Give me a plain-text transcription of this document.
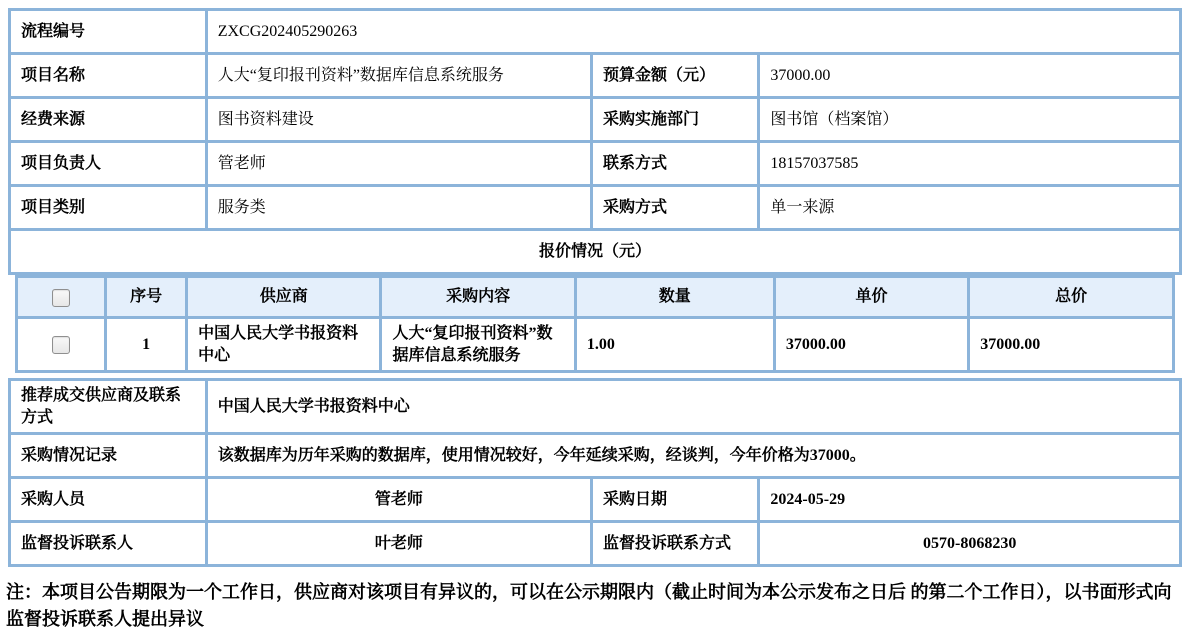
流程编号	ZXCG202405290263		
项目名称	人大“复印报刊资料”数据库信息系统服务	预算金额（元）	37000.00
经费来源	图书资料建设	采购实施部门	图书馆（档案馆）
项目负责人	管老师	联系方式	18157037585
项目类别	服务类	采购方式	单一来源
报价情况（元）			
	序号	供应商	采购内容	数量	单价	总价
	1	中国人民大学书报资料中心	人大“复印报刊资料”数据库信息系统服务	1.00	37000.00	37000.00
推荐成交供应商及联系方式	中国人民大学书报资料中心		
采购情况记录	该数据库为历年采购的数据库，使用情况较好，今年延续采购，经谈判，今年价格为37000。		
采购人员	管老师	采购日期	2024-05-29
监督投诉联系人	叶老师	监督投诉联系方式	0570-8068230
注：本项目公告期限为一个工作日，供应商对该项目有异议的，可以在公示期限内（截止时间为本公示发布之日后 的第二个工作日），以书面形式向监督投诉联系人提出异议
